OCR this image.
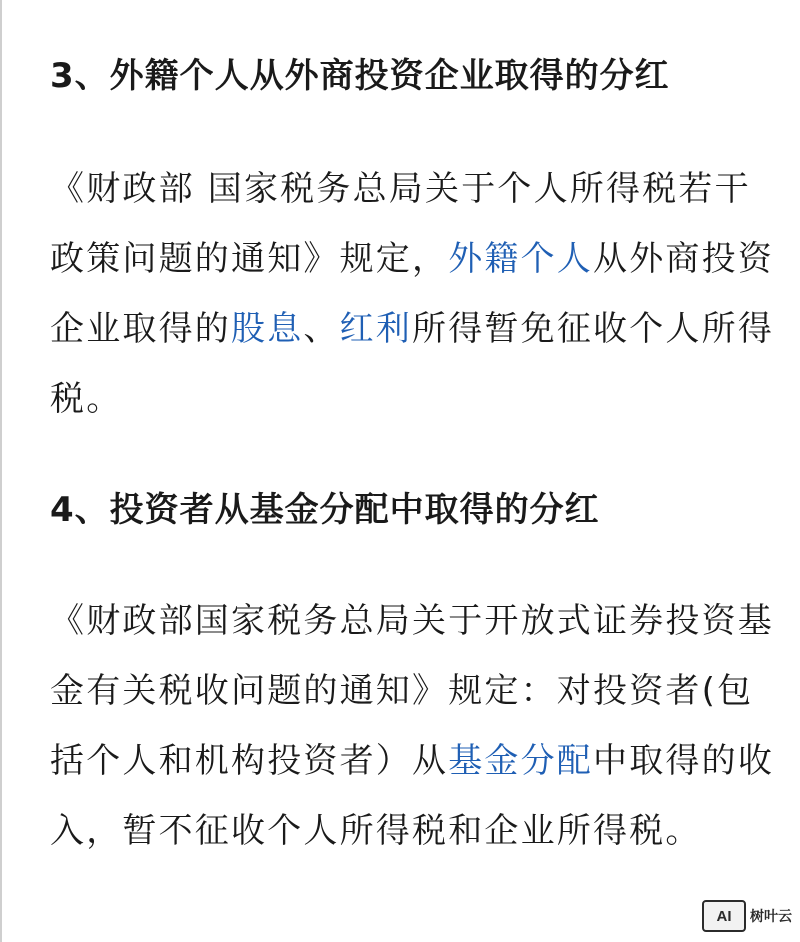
3、外籍个人从外商投资企业取得的分红

《财政部 国家税务总局关于个人所得税若干政策问题的通知》规定，外籍个人从外商投资企业取得的股息、红利所得暂免征收个人所得税。

4、投资者从基金分配中取得的分红

《财政部国家税务总局关于开放式证券投资基金有关税收问题的通知》规定：对投资者(包括个人和机构投资者）从基金分配中取得的收入，暂不征收个人所得税和企业所得税。

AI	树叶云
